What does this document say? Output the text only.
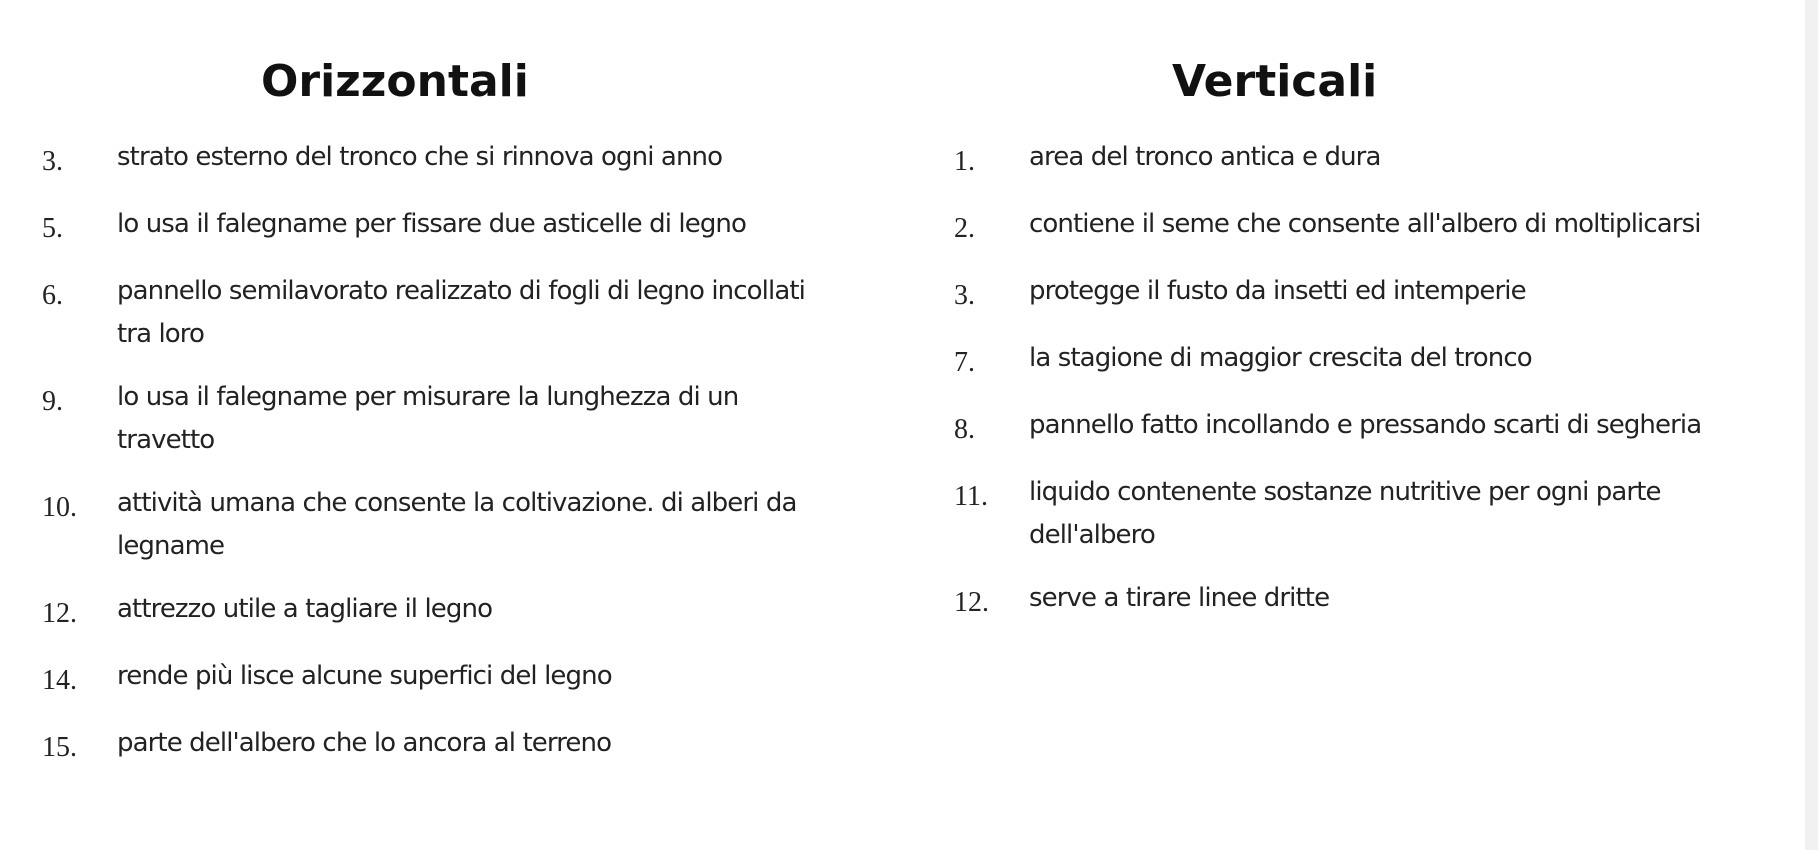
Orizzontali
3.	strato esterno del tronco che si rinnova ogni anno
5.	lo usa il falegname per fissare due asticelle di legno
6.	pannello semilavorato realizzato di fogli di legno incollati tra loro
9.	lo usa il falegname per misurare la lunghezza di un travetto
10.	attività umana che consente la coltivazione. di alberi da legname
12.	attrezzo utile a tagliare il legno
14.	rende più lisce alcune superfici del legno
15.	parte dell'albero che lo ancora al terreno
Verticali
1.	area del tronco antica e dura
2.	contiene il seme che consente all'albero di moltiplicarsi
3.	protegge il fusto da insetti ed intemperie
7.	la stagione di maggior crescita del tronco
8.	pannello fatto incollando e pressando scarti di segheria
11.	liquido contenente sostanze nutritive per ogni parte dell'albero
12.	serve a tirare linee dritte
